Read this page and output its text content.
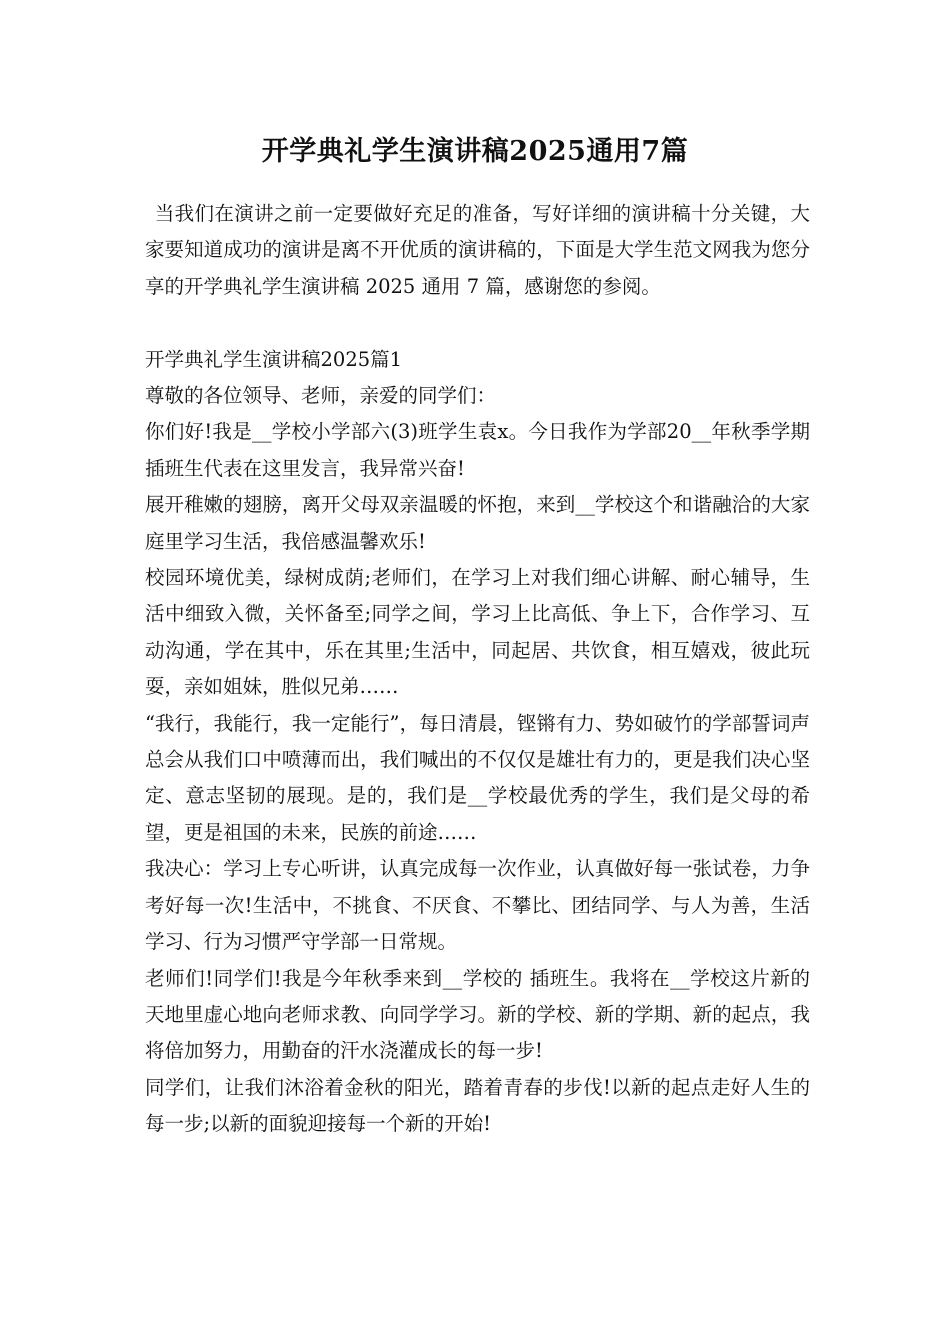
开学典礼学生演讲稿2025通用7篇

当我们在演讲之前一定要做好充足的准备，写好详细的演讲稿十分关键，大家要知道成功的演讲是离不开优质的演讲稿的，下面是大学生范文网我为您分享的开学典礼学生演讲稿 2025 通用 7 篇，感谢您的参阅。

开学典礼学生演讲稿2025篇1

尊敬的各位领导、老师，亲爱的同学们：

你们好!我是__学校小学部六(3)班学生袁x。今日我作为学部20__年秋季学期插班生代表在这里发言，我异常兴奋!

展开稚嫩的翅膀，离开父母双亲温暖的怀抱，来到__学校这个和谐融洽的大家庭里学习生活，我倍感温馨欢乐!

校园环境优美，绿树成荫;老师们，在学习上对我们细心讲解、耐心辅导，生活中细致入微，关怀备至;同学之间，学习上比高低、争上下，合作学习、互动沟通，学在其中，乐在其里;生活中，同起居、共饮食，相互嬉戏，彼此玩耍，亲如姐妹，胜似兄弟……

“我行，我能行，我一定能行”，每日清晨，铿锵有力、势如破竹的学部誓词声总会从我们口中喷薄而出，我们喊出的不仅仅是雄壮有力的，更是我们决心坚定、意志坚韧的展现。是的，我们是__学校最优秀的学生，我们是父母的希望，更是祖国的未来，民族的前途……

我决心：学习上专心听讲，认真完成每一次作业，认真做好每一张试卷，力争考好每一次!生活中，不挑食、不厌食、不攀比、团结同学、与人为善，生活学习、行为习惯严守学部一日常规。

老师们!同学们!我是今年秋季来到__学校的 插班生。我将在__学校这片新的天地里虚心地向老师求教、向同学学习。新的学校、新的学期、新的起点，我将倍加努力，用勤奋的汗水浇灌成长的每一步!

同学们，让我们沐浴着金秋的阳光，踏着青春的步伐!以新的起点走好人生的每一步;以新的面貌迎接每一个新的开始!
